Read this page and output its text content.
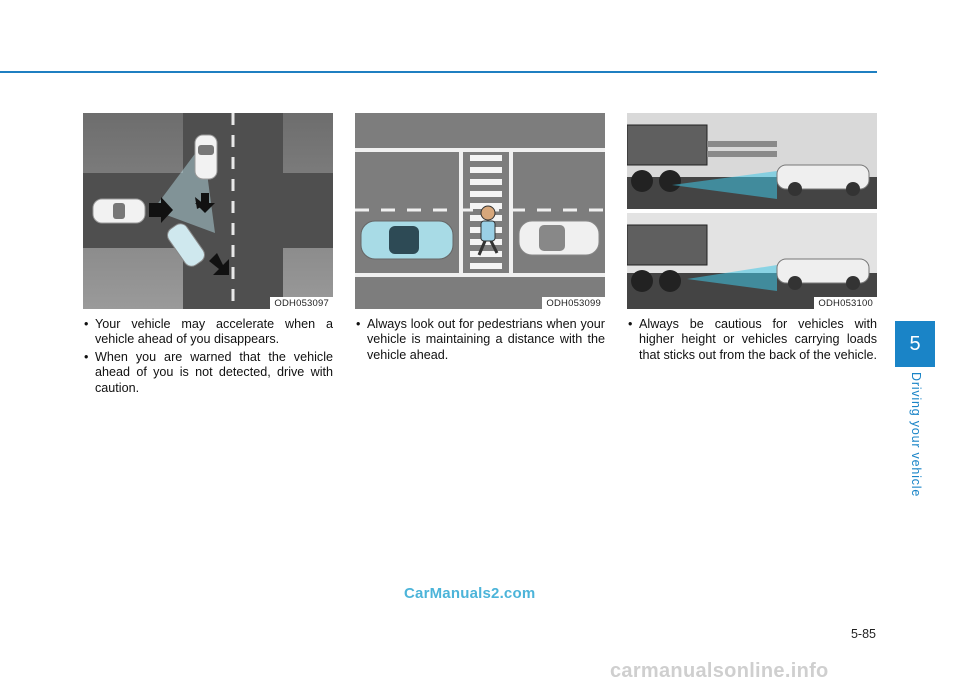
ODH053097
• Your vehicle may accelerate when a vehicle ahead of you disappears.
• When you are warned that the vehicle ahead of you is not detected, drive with caution.
ODH053099
• Always look out for pedestrians when your vehicle is maintaining a distance with the vehicle ahead.
ODH053100
• Always be cautious for vehicles with higher height or vehicles carrying loads that sticks out from the back of the vehicle.	5
Driving your vehicle
5-85
CarManuals2.com
carmanualsonline.info
